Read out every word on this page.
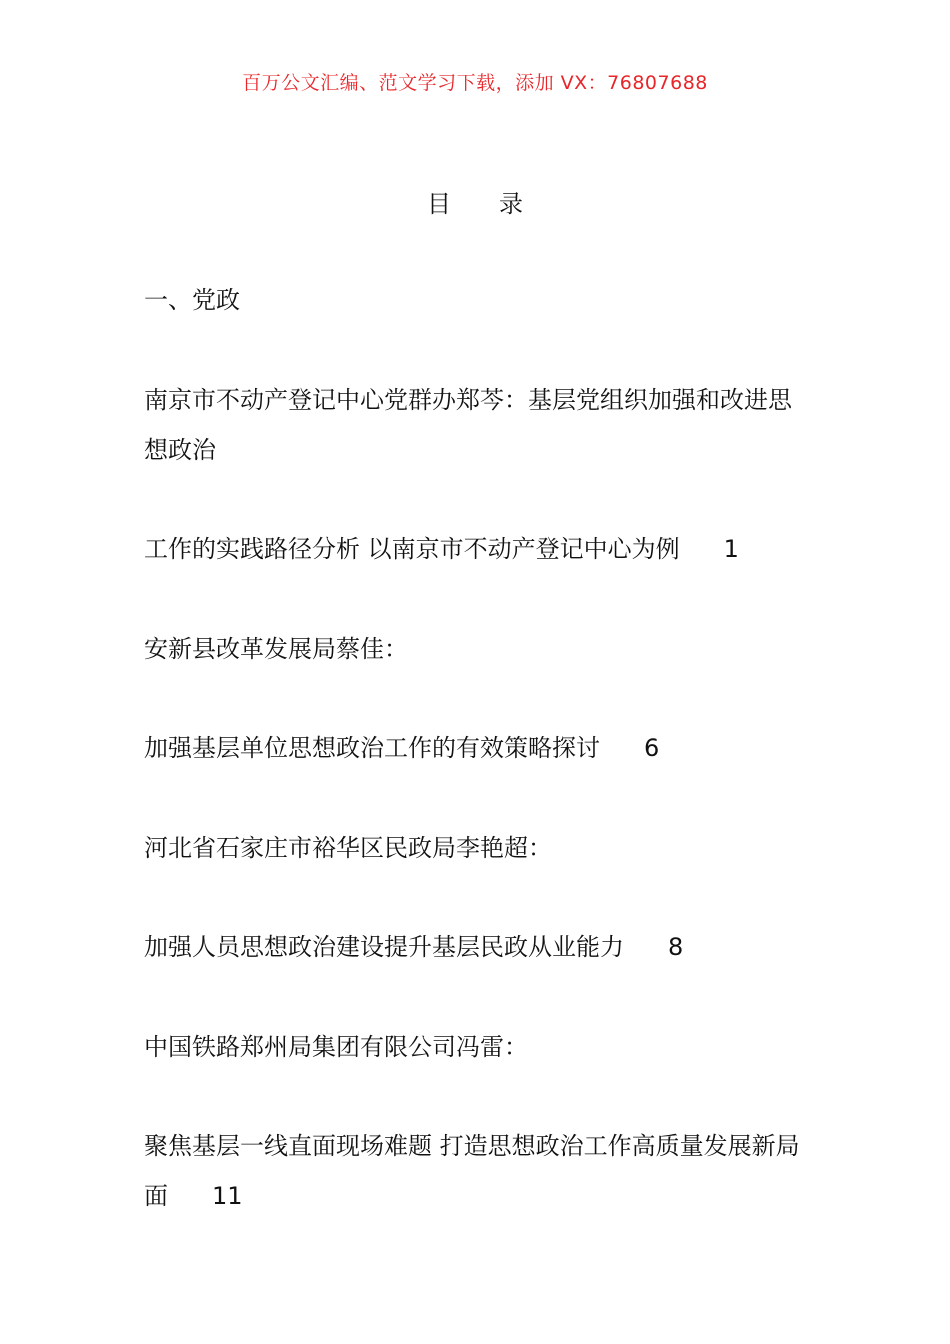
百万公文汇编、范文学习下载，添加 VX：76807688
目 录
一、党政
南京市不动产登记中心党群办郑芩：基层党组织加强和改进思想政治
工作的实践路径分析 以南京市不动产登记中心为例 1
安新县改革发展局蔡佳：
加强基层单位思想政治工作的有效策略探讨 6
河北省石家庄市裕华区民政局李艳超：
加强人员思想政治建设提升基层民政从业能力 8
中国铁路郑州局集团有限公司冯雷：
聚焦基层一线直面现场难题 打造思想政治工作高质量发展新局面 11
